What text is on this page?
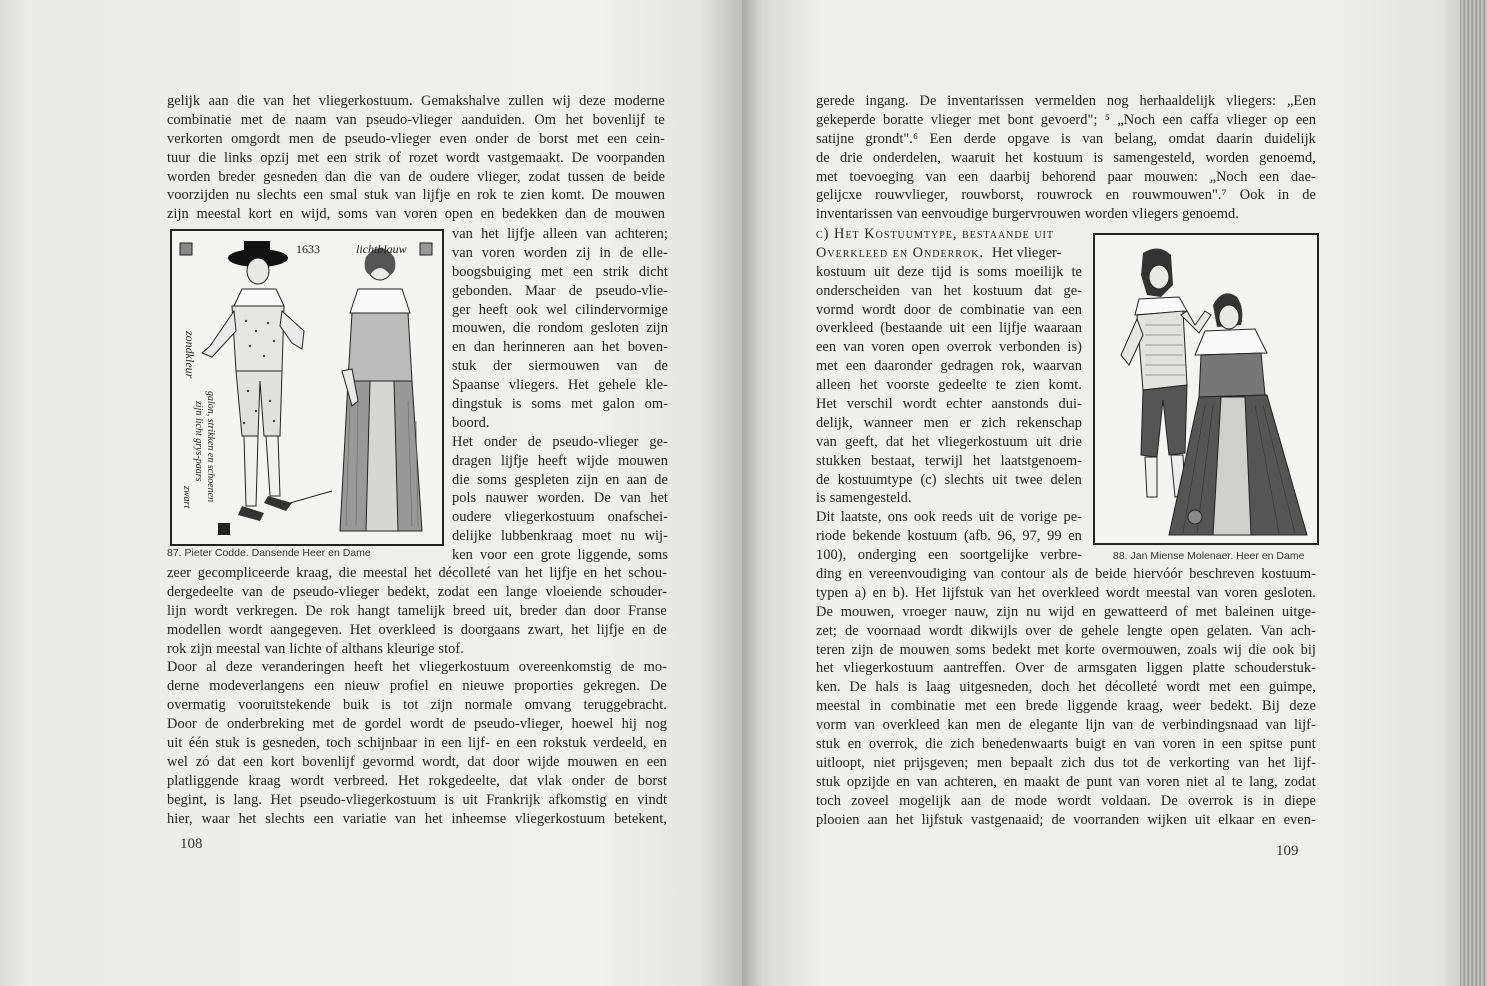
gelijk aan die van het vliegerkostuum. Gemakshalve zullen wij deze moderne
combinatie met de naam van pseudo-vlieger aanduiden. Om het bovenlijf te
verkorten omgordt men de pseudo-vlieger even onder de borst met een cein-
tuur die links opzij met een strik of rozet wordt vastgemaakt. De voorpanden
worden breder gesneden dan die van de oudere vlieger, zodat tussen de beide
voorzijden nu slechts een smal stuk van lijfje en rok te zien komt. De mouwen
zijn meestal kort en wijd, soms van voren open en bedekken dan de mouwen
1633	lichtblauw
zondkleur
galon, strikken en schoenen
zijn licht grys-paars
zwart
87. Pieter Codde. Dansende Heer en Dame
van het lijfje alleen van achteren;
van voren worden zij in de elle-
boogsbuiging met een strik dicht
gebonden. Maar de pseudo-vlie-
ger heeft ook wel cilindervormige
mouwen, die rondom gesloten zijn
en dan herinneren aan het boven-
stuk der siermouwen van de
Spaanse vliegers. Het gehele kle-
dingstuk is soms met galon om-
boord.
Het onder de pseudo-vlieger ge-
dragen lijfje heeft wijde mouwen
die soms gespleten zijn en aan de
pols nauwer worden. De van het
oudere vliegerkostuum onafschei-
delijke lubbenkraag moet nu wij-
ken voor een grote liggende, soms
zeer gecompliceerde kraag, die meestal het décolleté van het lijfje en het schou-
dergedeelte van de pseudo-vlieger bedekt, zodat een lange vloeiende schouder-
lijn wordt verkregen. De rok hangt tamelijk breed uit, breder dan door Franse
modellen wordt aangegeven. Het overkleed is doorgaans zwart, het lijfje en de
rok zijn meestal van lichte of althans kleurige stof.
Door al deze veranderingen heeft het vliegerkostuum overeenkomstig de mo-
derne modeverlangens een nieuw profiel en nieuwe proporties gekregen. De
overmatig vooruitstekende buik is tot zijn normale omvang teruggebracht.
Door de onderbreking met de gordel wordt de pseudo-vlieger, hoewel hij nog
uit één stuk is gesneden, toch schijnbaar in een lijf- en een rokstuk verdeeld, en
wel zó dat een kort bovenlijf gevormd wordt, dat door wijde mouwen en een
platliggende kraag wordt verbreed. Het rokgedeelte, dat vlak onder de borst
begint, is lang. Het pseudo-vliegerkostuum is uit Frankrijk afkomstig en vindt
hier, waar het slechts een variatie van het inheemse vliegerkostuum betekent,
108
gerede ingang. De inventarissen vermelden nog herhaaldelijk vliegers: „Een
gekeperde boratte vlieger met bont gevoerd"; ⁵ „Noch een caffa vlieger op een
satijne grondt".⁶ Een derde opgave is van belang, omdat daarin duidelijk
de drie onderdelen, waaruit het kostuum is samengesteld, worden genoemd,
met toevoeging van een daarbij behorend paar mouwen: „Noch een dae-
gelijcxe rouwvlieger, rouwborst, rouwrock en rouwmouwen".⁷ Ook in de
inventarissen van eenvoudige burgervrouwen worden vliegers genoemd.
c) Het Kostuumtype, bestaande uit
Overkleed en Onderrok. Het vlieger-
kostuum uit deze tijd is soms moeilijk te
onderscheiden van het kostuum dat ge-
vormd wordt door de combinatie van een
overkleed (bestaande uit een lijfje waaraan
een van voren open overrok verbonden is)
met een daaronder gedragen rok, waarvan
alleen het voorste gedeelte te zien komt.
Het verschil wordt echter aanstonds dui-
delijk, wanneer men er zich rekenschap
van geeft, dat het vliegerkostuum uit drie
stukken bestaat, terwijl het laatstgenoem-
de kostuumtype (c) slechts uit twee delen
is samengesteld.
Dit laatste, ons ook reeds uit de vorige pe-
riode bekende kostuum (afb. 96, 97, 99 en
100), onderging een soortgelijke verbre-	88. Jan Miense Molenaer. Heer en Dame
ding en vereenvoudiging van contour als de beide hiervóór beschreven kostuum-
typen a) en b). Het lijfstuk van het overkleed wordt meestal van voren gesloten.
De mouwen, vroeger nauw, zijn nu wijd en gewatteerd of met baleinen uitge-
zet; de voornaad wordt dikwijls over de gehele lengte open gelaten. Van ach-
teren zijn de mouwen soms bedekt met korte overmouwen, zoals wij die ook bij
het vliegerkostuum aantreffen. Over de armsgaten liggen platte schouderstuk-
ken. De hals is laag uitgesneden, doch het décolleté wordt met een guimpe,
meestal in combinatie met een brede liggende kraag, weer bedekt. Bij deze
vorm van overkleed kan men de elegante lijn van de verbindingsnaad van lijf-
stuk en overrok, die zich benedenwaarts buigt en van voren in een spitse punt
uitloopt, niet prijsgeven; men bepaalt zich dus tot de verkorting van het lijf-
stuk opzijde en van achteren, en maakt de punt van voren niet al te lang, zodat
toch zoveel mogelijk aan de mode wordt voldaan. De overrok is in diepe
plooien aan het lijfstuk vastgenaaid; de voorranden wijken uit elkaar en even-
109
